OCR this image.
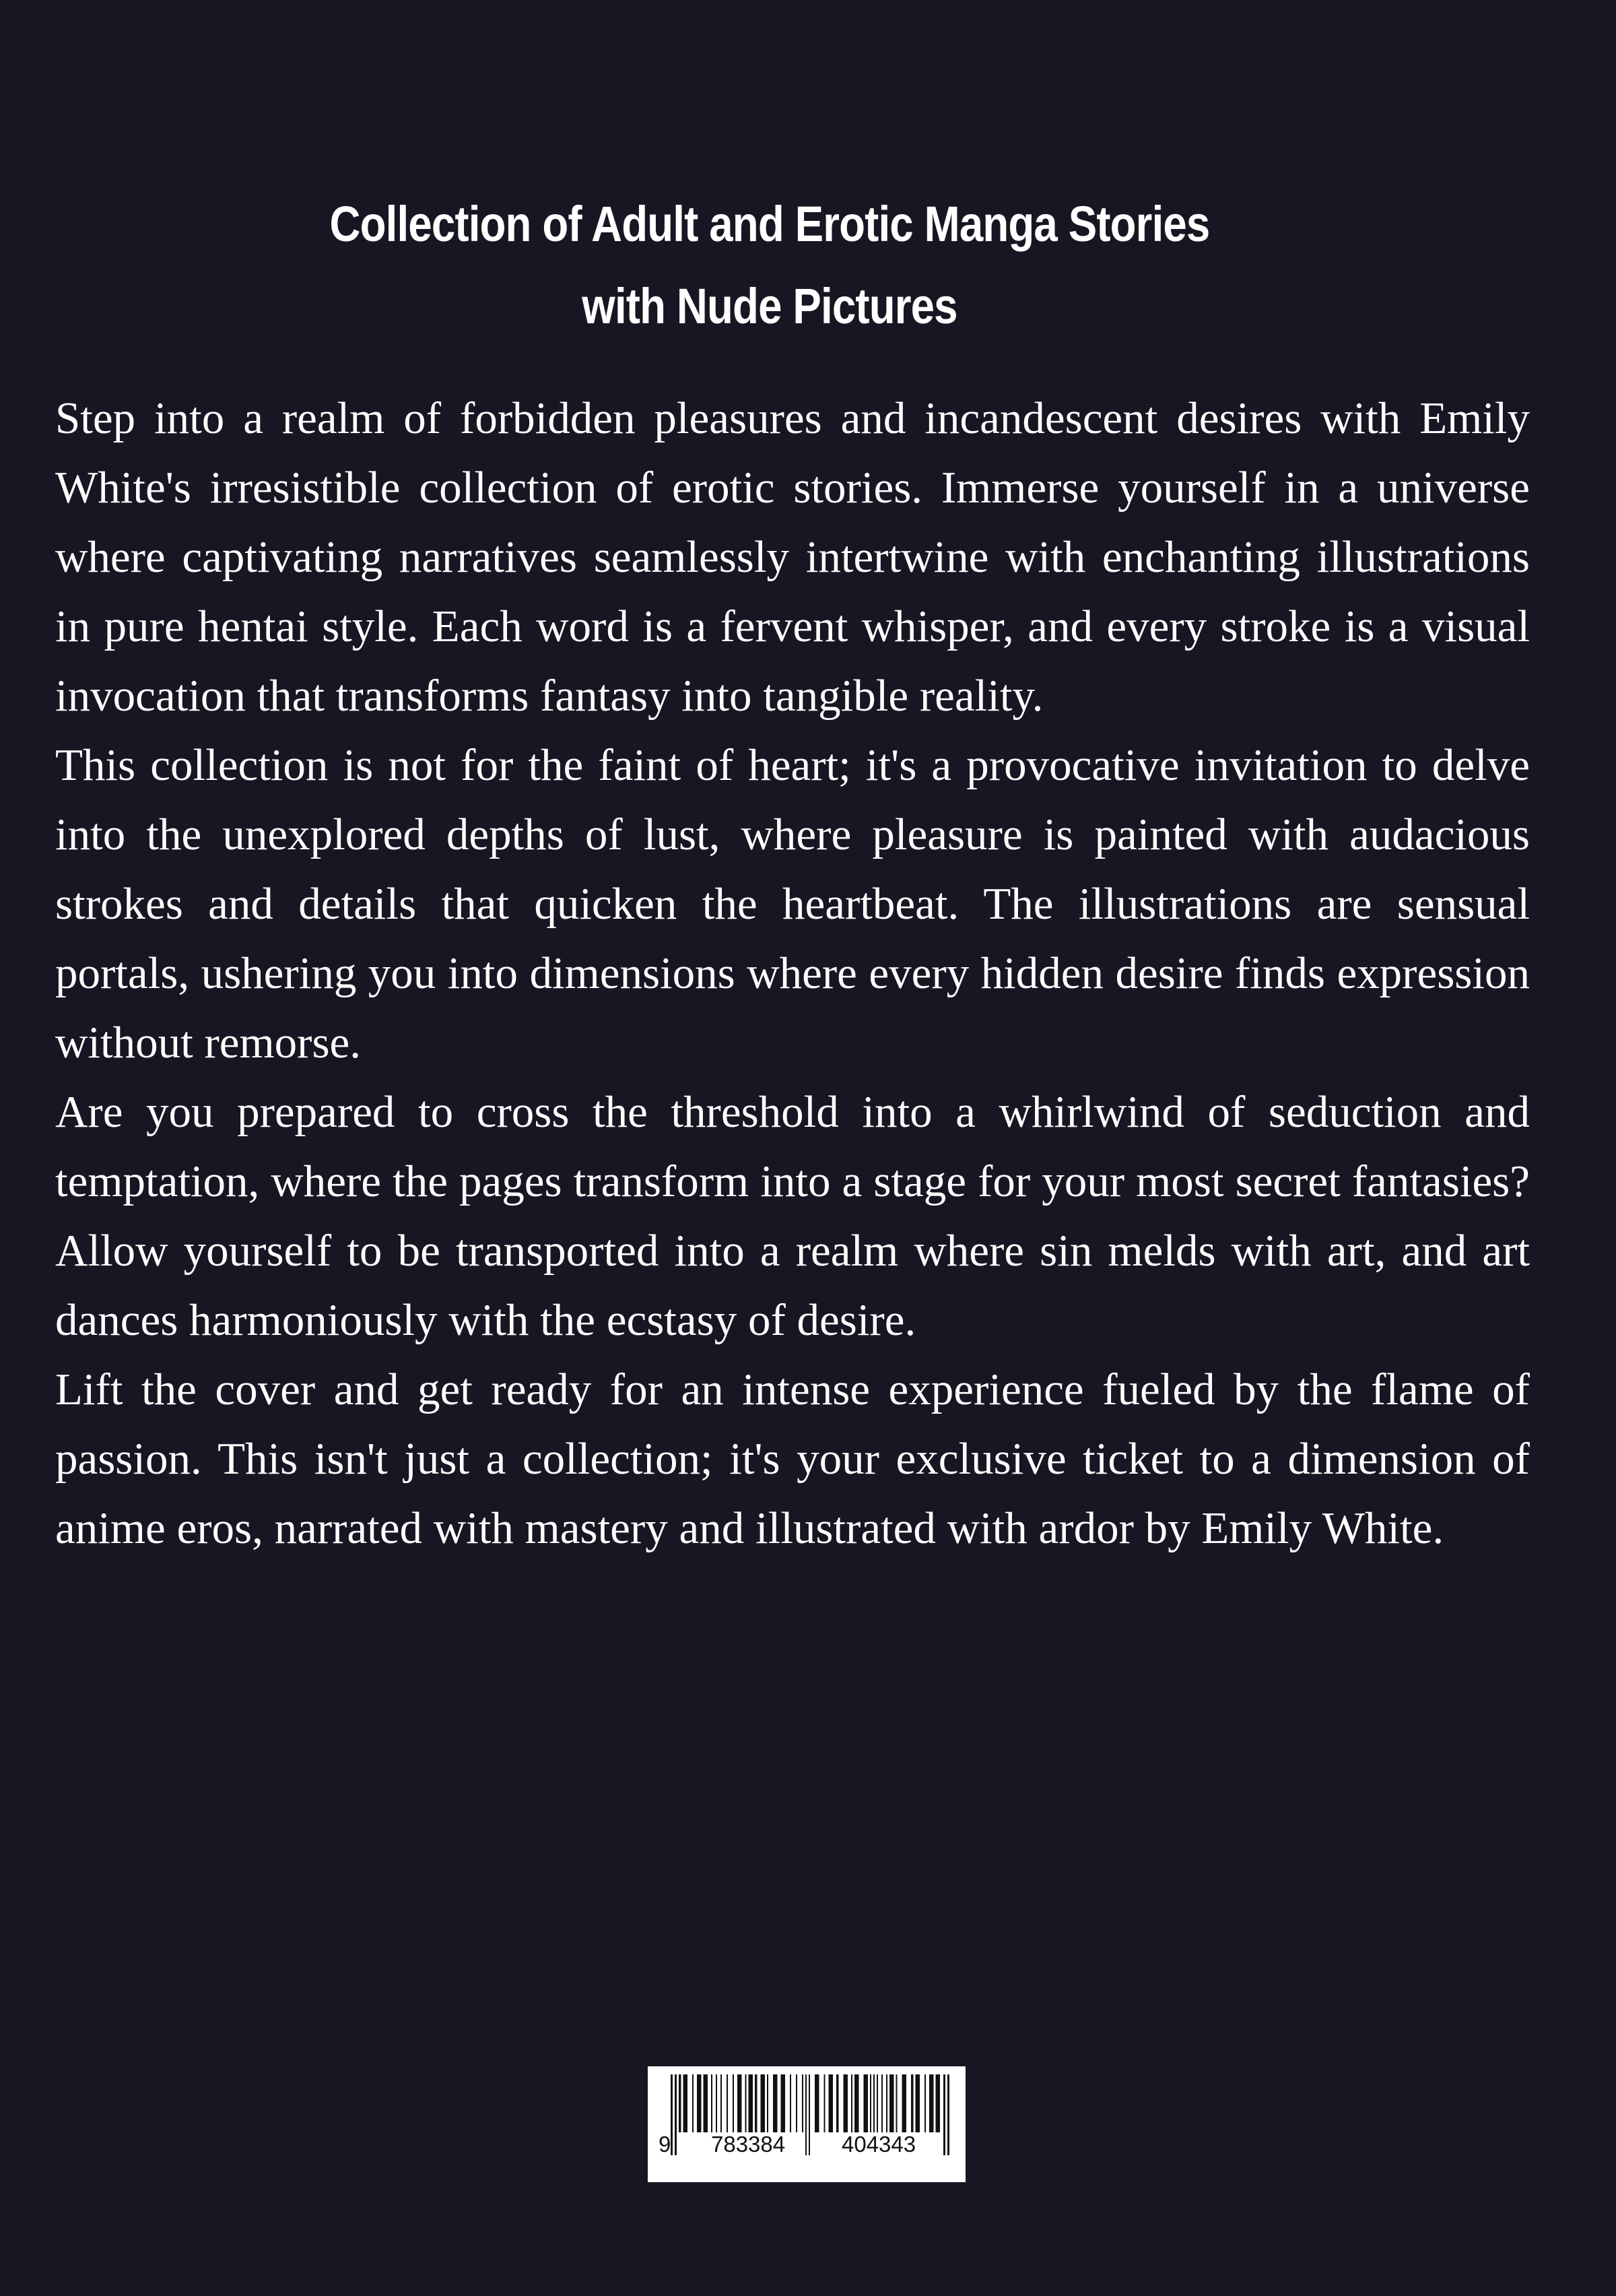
Collection of Adult and Erotic Manga Stories
with Nude Pictures

Step into a realm of forbidden pleasures and incandescent desires with Emily White's irresistible collection of erotic stories. Immerse yourself in a universe where captivating narratives seamlessly intertwine with enchanting illustrations in pure hentai style. Each word is a fervent whisper, and every stroke is a visual invocation that transforms fantasy into tangible reality.

This collection is not for the faint of heart; it's a provocative invitation to delve into the unexplored depths of lust, where pleasure is painted with audacious strokes and details that quicken the heartbeat. The illustrations are sensual portals, ushering you into dimensions where every hidden desire finds expression without remorse.

Are you prepared to cross the threshold into a whirlwind of seduction and temptation, where the pages transform into a stage for your most secret fantasies? Allow yourself to be transported into a realm where sin melds with art, and art dances harmoniously with the ecstasy of desire.

Lift the cover and get ready for an intense experience fueled by the flame of passion. This isn't just a collection; it's your exclusive ticket to a dimension of anime eros, narrated with mastery and illustrated with ardor by Emily White.

9 783384	404343
